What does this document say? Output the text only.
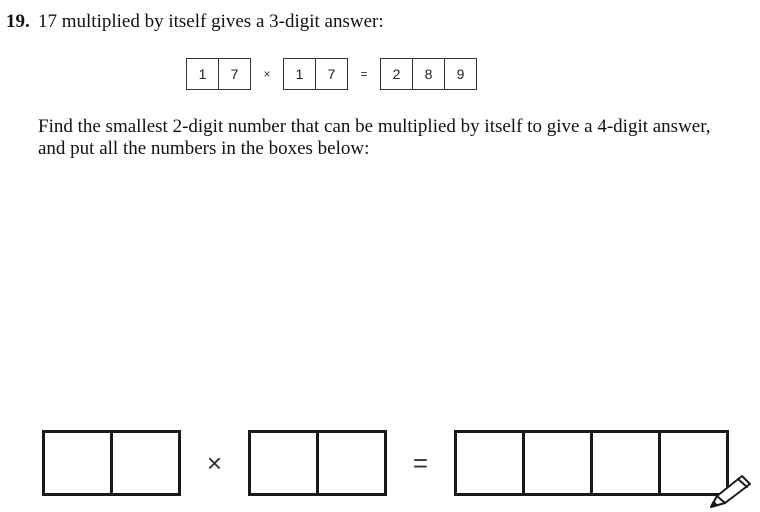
19. 17 multiplied by itself gives a 3-digit answer:
1	7	×	1	7	=	2	8	9
Find the smallest 2-digit number that can be multiplied by itself to give a 4-digit answer, and put all the numbers in the boxes below:
×	=
